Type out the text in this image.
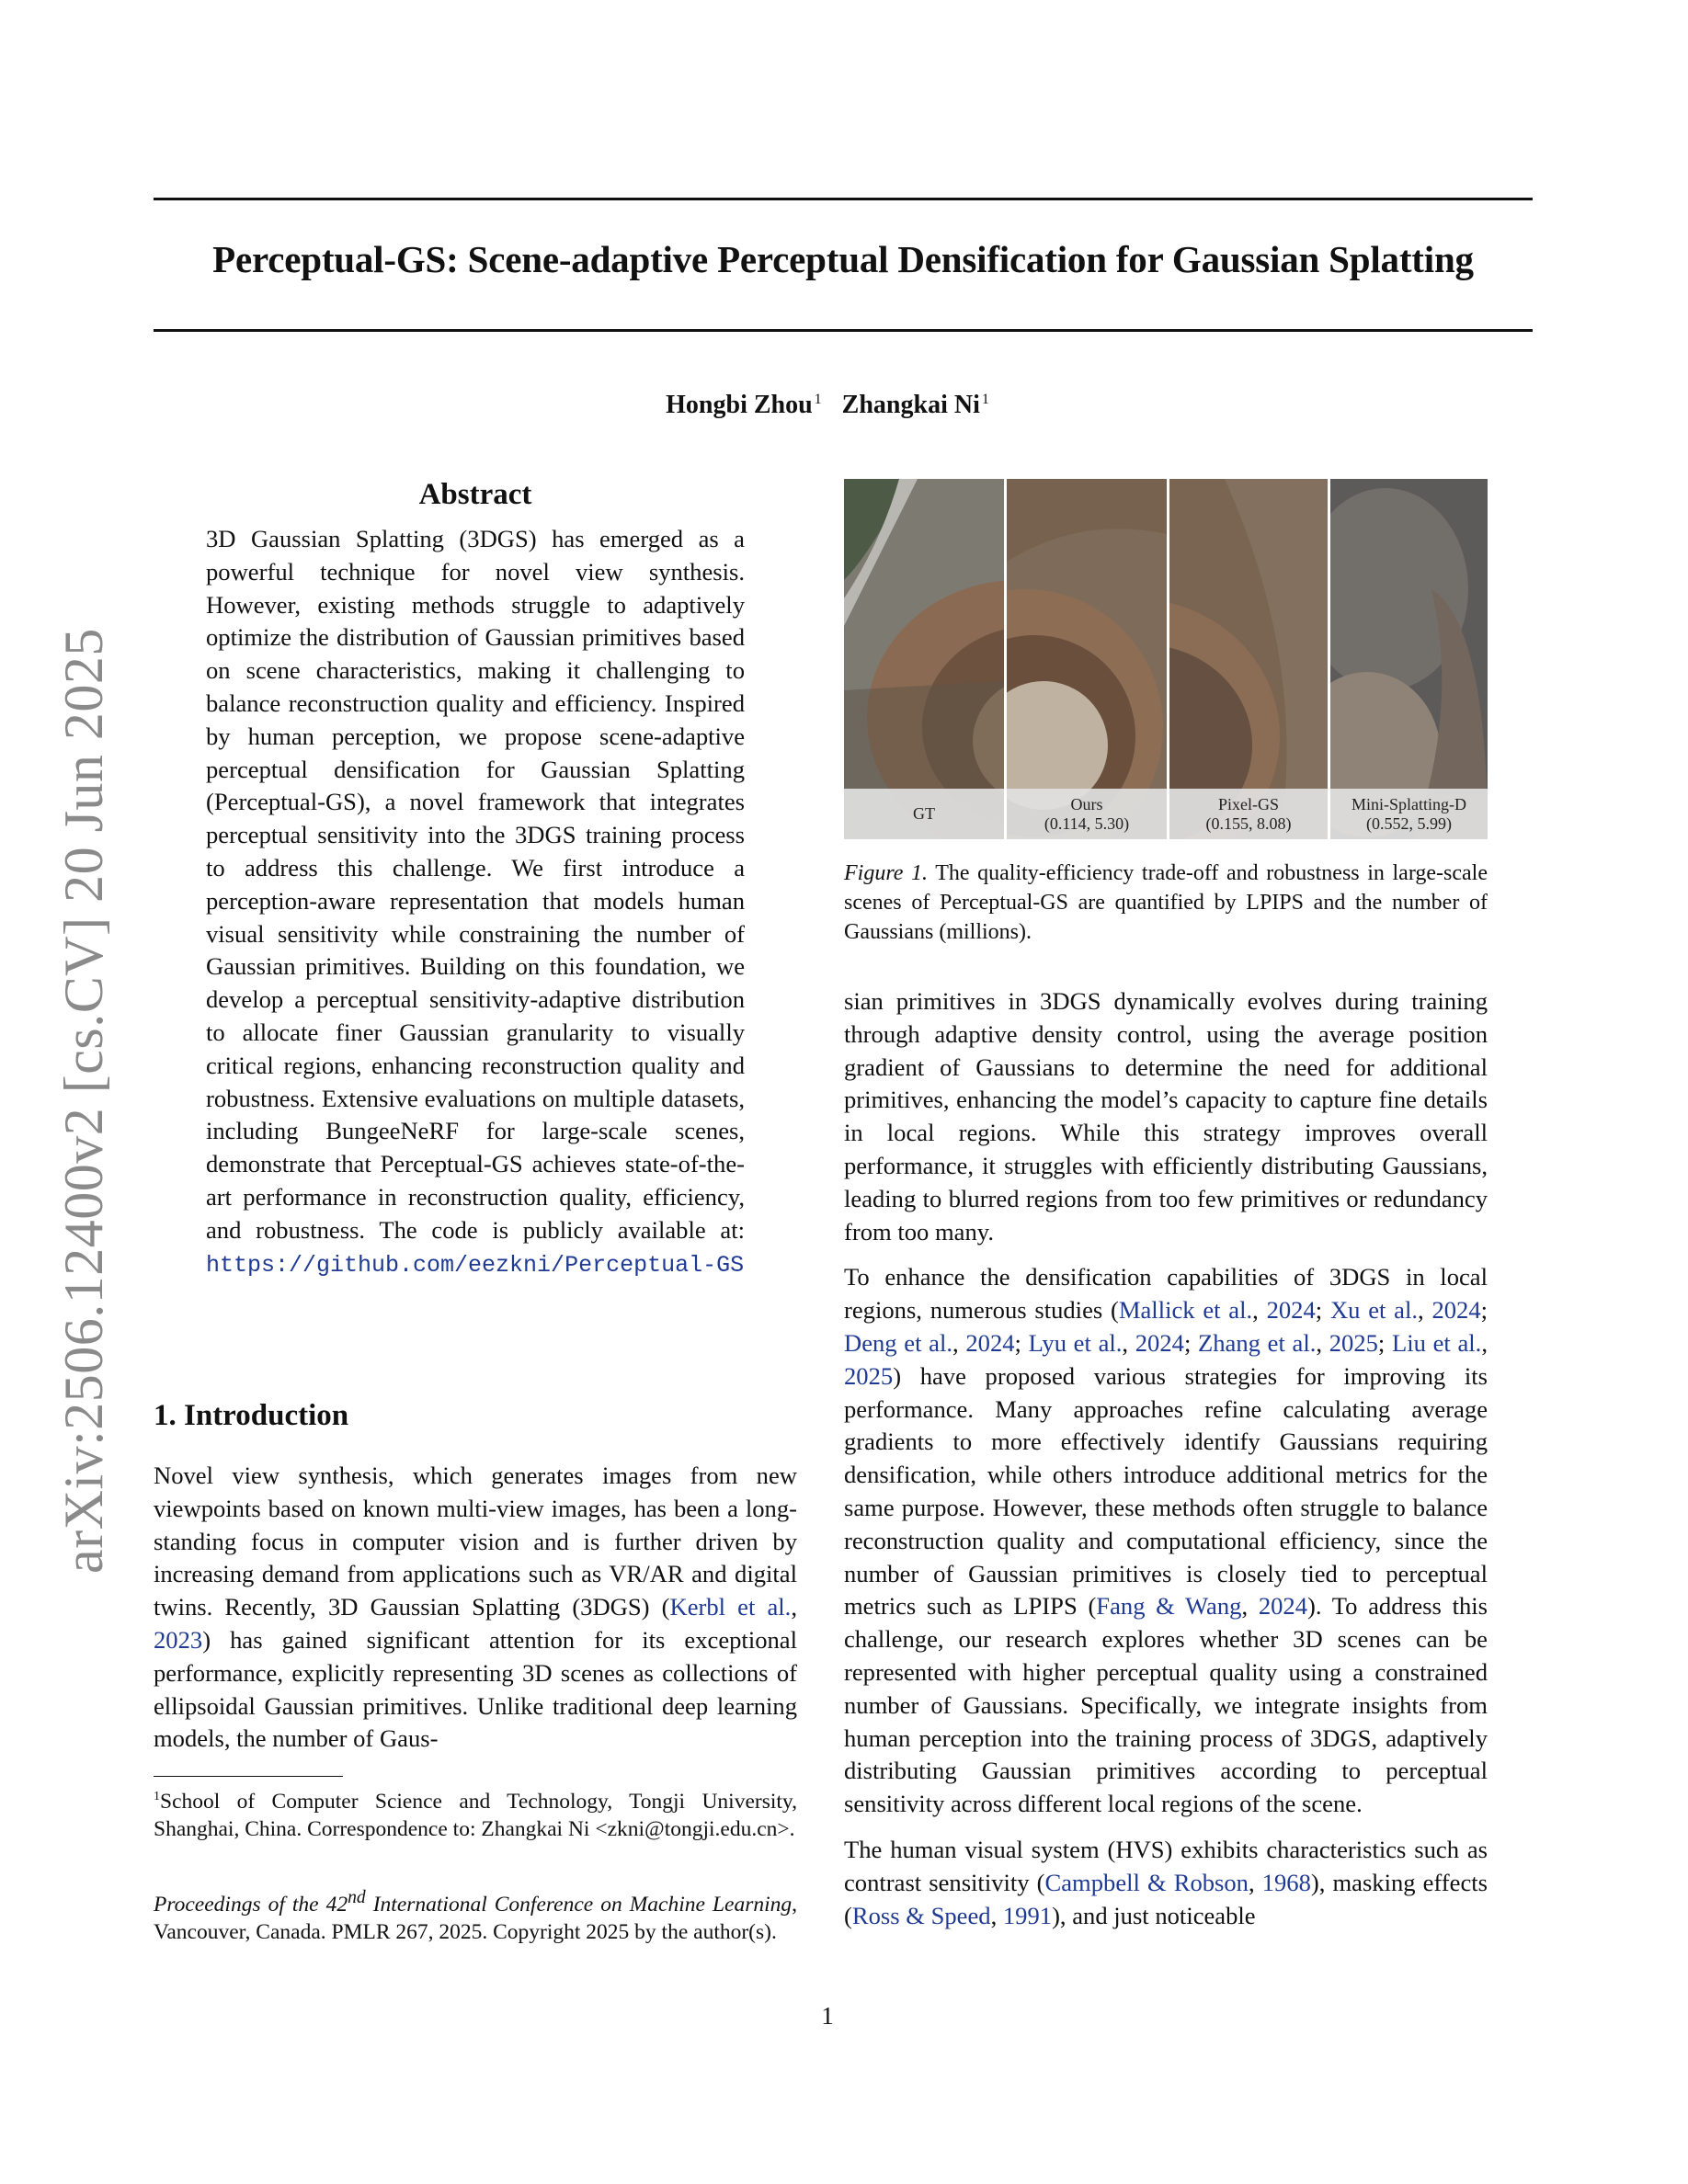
Perceptual-GS: Scene-adaptive Perceptual Densification for Gaussian Splatting
Hongbi Zhou $^1$ Zhangkai Ni $^1$
arXiv:2506.12400v2 [cs.CV] 20 Jun 2025
Abstract

3D Gaussian Splatting (3DGS) has emerged as a powerful technique for novel view synthesis. However, existing methods struggle to adaptively optimize the distribution of Gaussian primitives based on scene characteristics, making it challenging to balance reconstruction quality and efficiency. Inspired by human perception, we propose scene-adaptive perceptual densification for Gaussian Splatting (Perceptual-GS), a novel framework that integrates perceptual sensitivity into the 3DGS training process to address this challenge. We first introduce a perception-aware representation that models human visual sensitivity while constraining the number of Gaussian primitives. Building on this foundation, we develop a perceptual sensitivity-adaptive distribution to allocate finer Gaussian granularity to visually critical regions, enhancing reconstruction quality and robustness. Extensive evaluations on multiple datasets, including BungeeNeRF for large-scale scenes, demonstrate that Perceptual-GS achieves state-of-the-art performance in reconstruction quality, efficiency, and robustness. The code is publicly available at: https://github.com/eezkni/Perceptual-GS

1. Introduction

Novel view synthesis, which generates images from new viewpoints based on known multi-view images, has been a long-standing focus in computer vision and is further driven by increasing demand from applications such as VR/AR and digital twins. Recently, 3D Gaussian Splatting (3DGS) (Kerbl et al., 2023) has gained significant attention for its exceptional performance, explicitly representing 3D scenes as collections of ellipsoidal Gaussian primitives. Unlike traditional deep learning models, the number of Gaus-

$^1$School of Computer Science and Technology, Tongji University, Shanghai, China. Correspondence to: Zhangkai Ni <zkni@tongji.edu.cn>.
Proceedings of the 42nd International Conference on Machine Learning, Vancouver, Canada. PMLR 267, 2025. Copyright 2025 by the author(s).
GT
Ours
(0.114, 5.30)
Pixel-GS
(0.155, 8.08)
Mini-Splatting-D
(0.552, 5.99)
Figure 1. The quality-efficiency trade-off and robustness in large-scale scenes of Perceptual-GS are quantified by LPIPS and the number of Gaussians (millions).

sian primitives in 3DGS dynamically evolves during training through adaptive density control, using the average position gradient of Gaussians to determine the need for additional primitives, enhancing the model’s capacity to capture fine details in local regions. While this strategy improves overall performance, it struggles with efficiently distributing Gaussians, leading to blurred regions from too few primitives or redundancy from too many.

To enhance the densification capabilities of 3DGS in local regions, numerous studies (Mallick et al., 2024; Xu et al., 2024; Deng et al., 2024; Lyu et al., 2024; Zhang et al., 2025; Liu et al., 2025) have proposed various strategies for improving its performance. Many approaches refine calculating average gradients to more effectively identify Gaussians requiring densification, while others introduce additional metrics for the same purpose. However, these methods often struggle to balance reconstruction quality and computational efficiency, since the number of Gaussian primitives is closely tied to perceptual metrics such as LPIPS (Fang & Wang, 2024). To address this challenge, our research explores whether 3D scenes can be represented with higher perceptual quality using a constrained number of Gaussians. Specifically, we integrate insights from human perception into the training process of 3DGS, adaptively distributing Gaussian primitives according to perceptual sensitivity across different local regions of the scene.

The human visual system (HVS) exhibits characteristics such as contrast sensitivity (Campbell & Robson, 1968), masking effects (Ross & Speed, 1991), and just noticeable

1
